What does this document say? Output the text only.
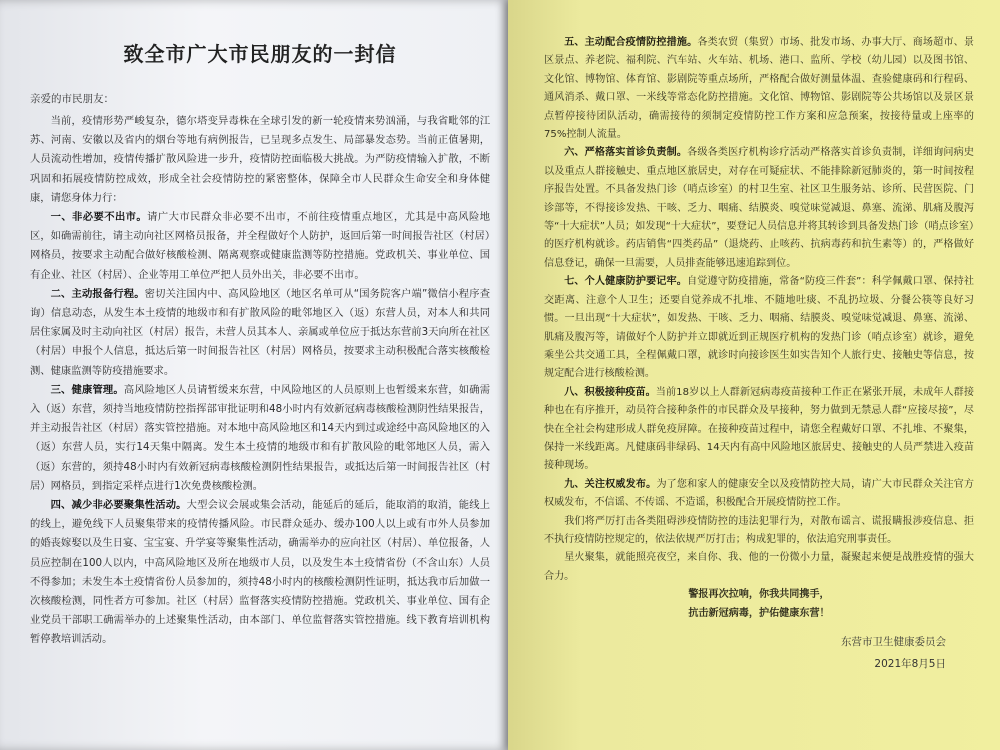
致全市广大市民朋友的一封信
亲爱的市民朋友：

当前，疫情形势严峻复杂，德尔塔变异毒株在全球引发的新一轮疫情来势汹涌，与我省毗邻的江苏、河南、安徽以及省内的烟台等地有病例报告，已呈现多点发生、局部暴发态势。当前正值暑期，人员流动性增加，疫情传播扩散风险进一步升，疫情防控面临极大挑战。为严防疫情输入扩散，不断巩固和拓展疫情防控成效，形成全社会疫情防控的紧密整体，保障全市人民群众生命安全和身体健康，请您身体力行：

一、非必要不出市。请广大市民群众非必要不出市，不前往疫情重点地区，尤其是中高风险地区，如确需前往，请主动向社区网格员报备，并全程做好个人防护，返回后第一时间报告社区（村居）网格员，按要求主动配合做好核酸检测、隔离观察或健康监测等防控措施。党政机关、事业单位、国有企业、社区（村居）、企业等用工单位严把人员外出关，非必要不出市。

二、主动报备行程。密切关注国内中、高风险地区（地区名单可从“国务院客户端”微信小程序查询）信息动态，从发生本土疫情的地级市和有扩散风险的毗邻地区入（返）东营人员，对本人和共同居住家属及时主动向社区（村居）报告，未营人员其本人、亲属或单位应于抵达东营前3天向所在社区（村居）申报个人信息，抵达后第一时间报告社区（村居）网格员，按要求主动积极配合落实核酸检测、健康监测等防疫措施要求。

三、健康管理。高风险地区人员请暂缓来东营，中风险地区的人员原则上也暂缓来东营，如确需入（返）东营，须持当地疫情防控指挥部审批证明和48小时内有效新冠病毒核酸检测阴性结果报告，并主动报告社区（村居）落实管控措施。对本地中高风险地区和14天内到过或途经中高风险地区的入（返）东营人员，实行14天集中隔离。发生本土疫情的地级市和有扩散风险的毗邻地区人员，需入（返）东营的，须持48小时内有效新冠病毒核酸检测阴性结果报告，或抵达后第一时间报告社区（村居）网格员，到指定采样点进行1次免费核酸检测。

四、减少非必要聚集性活动。大型会议会展或集会活动，能延后的延后，能取消的取消，能线上的线上，避免线下人员聚集带来的疫情传播风险。市民群众延办、缓办100人以上或有市外人员参加的婚丧嫁娶以及生日宴、宝宝宴、升学宴等聚集性活动，确需举办的应向社区（村居）、单位报备，人员应控制在100人以内，中高风险地区及所在地级市人员，以及发生本土疫情省份（不含山东）人员不得参加；未发生本土疫情省份人员参加的，须持48小时内的核酸检测阴性证明，抵达我市后加做一次核酸检测，同性者方可参加。社区（村居）监督落实疫情防控措施。党政机关、事业单位、国有企业党员干部职工确需举办的上述聚集性活动，由本部门、单位监督落实管控措施。线下教育培训机构暂停教培训活动。

五、主动配合疫情防控措施。各类农贸（集贸）市场、批发市场、办事大厅、商场超市、景区景点、养老院、福利院、汽车站、火车站、机场、港口、监所、学校（幼儿园）以及图书馆、文化馆、博物馆、体育馆、影剧院等重点场所，严格配合做好测量体温、查验健康码和行程码、通风消杀、戴口罩、一米线等常态化防控措施。文化馆、博物馆、影剧院等公共场馆以及景区景点暂停接待团队活动，确需接待的须制定疫情防控工作方案和应急预案，按接待量或上座率的75%控制人流量。

六、严格落实首诊负责制。各级各类医疗机构诊疗活动严格落实首诊负责制，详细询问病史以及重点人群接触史、重点地区旅居史，对存在可疑症状、不能排除新冠肺炎的，第一时间按程序报告处置。不具备发热门诊（哨点诊室）的村卫生室、社区卫生服务站、诊所、民营医院、门诊部等，不得接诊发热、干咳、乏力、咽痛、结膜炎、嗅觉味觉减退、鼻塞、流涕、肌痛及腹泻等“十大症状”人员；如发现“十大症状”，要登记人员信息并将其转诊到具备发热门诊（哨点诊室）的医疗机构就诊。药店销售“四类药品”（退烧药、止咳药、抗病毒药和抗生素等）的，严格做好信息登记，确保一旦需要，人员排查能够迅速追踪到位。

七、个人健康防护要记牢。自觉遵守防疫措施，常备“防疫三件套”：科学佩戴口罩、保持社交距离、注意个人卫生；还要自觉养成不扎堆、不随地吐痰、不乱扔垃圾、分餐公筷等良好习惯。一旦出现“十大症状”，如发热、干咳、乏力、咽痛、结膜炎、嗅觉味觉减退、鼻塞、流涕、肌痛及腹泻等，请做好个人防护并立即就近到正规医疗机构的发热门诊（哨点诊室）就诊，避免乘坐公共交通工具，全程佩戴口罩，就诊时向接诊医生如实告知个人旅行史、接触史等信息，按规定配合进行核酸检测。

八、积极接种疫苗。当前18岁以上人群新冠病毒疫苗接种工作正在紧张开展，未成年人群接种也在有序推开，动员符合接种条件的市民群众及早接种，努力做到无禁忌人群“应接尽接”，尽快在全社会构建形成人群免疫屏障。在接种疫苗过程中，请您全程戴好口罩、不扎堆、不聚集，保持一米线距离。凡健康码非绿码、14天内有高中风险地区旅居史、接触史的人员严禁进入疫苗接种现场。

九、关注权威发布。为了您和家人的健康安全以及疫情防控大局，请广大市民群众关注官方权威发布，不信谣、不传谣、不造谣，积极配合开展疫情防控工作。

我们将严厉打击各类阻碍涉疫情防控的违法犯罪行为，对散布谣言、谎报瞒报涉疫信息、拒不执行疫情防控规定的，依法依规严厉打击；构成犯罪的，依法追究刑事责任。

星火聚集，就能照亮夜空，来自你、我、他的一份微小力量，凝聚起来便是战胜疫情的强大合力。

警报再次拉响，你我共同携手，

抗击新冠病毒，护佑健康东营！

东营市卫生健康委员会
2021年8月5日
